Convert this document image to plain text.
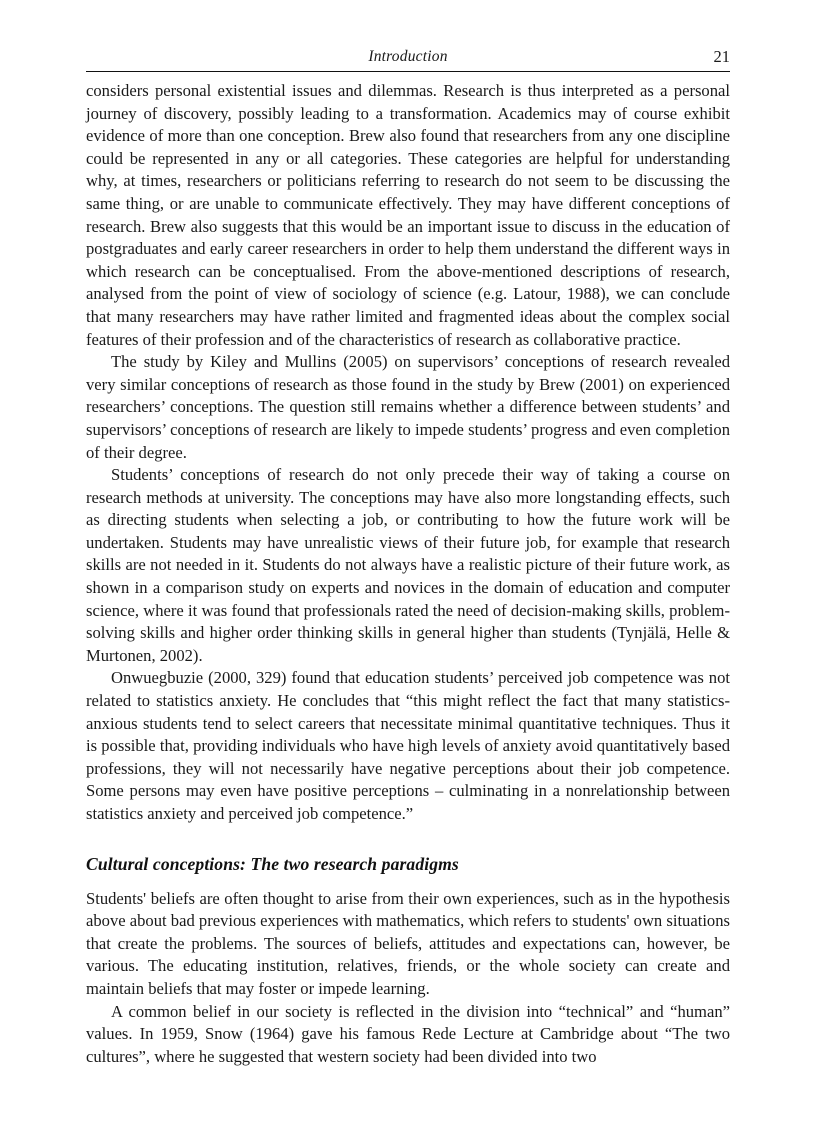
Introduction	21

considers personal existential issues and dilemmas. Research is thus interpreted as a personal journey of discovery, possibly leading to a transformation. Academics may of course exhibit evidence of more than one conception. Brew also found that researchers from any one discipline could be represented in any or all categories. These categories are helpful for understanding why, at times, researchers or politicians referring to research do not seem to be discussing the same thing, or are unable to communicate effectively. They may have different conceptions of research. Brew also suggests that this would be an important issue to discuss in the education of postgraduates and early career researchers in order to help them understand the different ways in which research can be conceptualised. From the above-mentioned descriptions of research, analysed from the point of view of sociology of science (e.g. Latour, 1988), we can conclude that many researchers may have rather limited and fragmented ideas about the complex social features of their profession and of the characteristics of research as collaborative practice.

The study by Kiley and Mullins (2005) on supervisors’ conceptions of research revealed very similar conceptions of research as those found in the study by Brew (2001) on experienced researchers’ conceptions. The question still remains whether a difference between students’ and supervisors’ conceptions of research are likely to impede students’ progress and even completion of their degree.

Students’ conceptions of research do not only precede their way of taking a course on research methods at university. The conceptions may have also more longstanding effects, such as directing students when selecting a job, or contributing to how the future work will be undertaken. Students may have unrealistic views of their future job, for example that research skills are not needed in it. Students do not always have a realistic picture of their future work, as shown in a comparison study on experts and novices in the domain of education and computer science, where it was found that professionals rated the need of decision-making skills, problem-solving skills and higher order thinking skills in general higher than students (Tynjälä, Helle & Murtonen, 2002).

Onwuegbuzie (2000, 329) found that education students’ perceived job competence was not related to statistics anxiety. He concludes that “this might reflect the fact that many statistics-anxious students tend to select careers that necessitate minimal quantitative techniques. Thus it is possible that, providing individuals who have high levels of anxiety avoid quantitatively based professions, they will not necessarily have negative perceptions about their job competence. Some persons may even have positive perceptions – culminating in a nonrelationship between statistics anxiety and perceived job competence.”

Cultural conceptions: The two research paradigms

Students' beliefs are often thought to arise from their own experiences, such as in the hypothesis above about bad previous experiences with mathematics, which refers to students' own situations that create the problems. The sources of beliefs, attitudes and expectations can, however, be various. The educating institution, relatives, friends, or the whole society can create and maintain beliefs that may foster or impede learning.

A common belief in our society is reflected in the division into “technical” and “human” values. In 1959, Snow (1964) gave his famous Rede Lecture at Cambridge about “The two cultures”, where he suggested that western society had been divided into two
